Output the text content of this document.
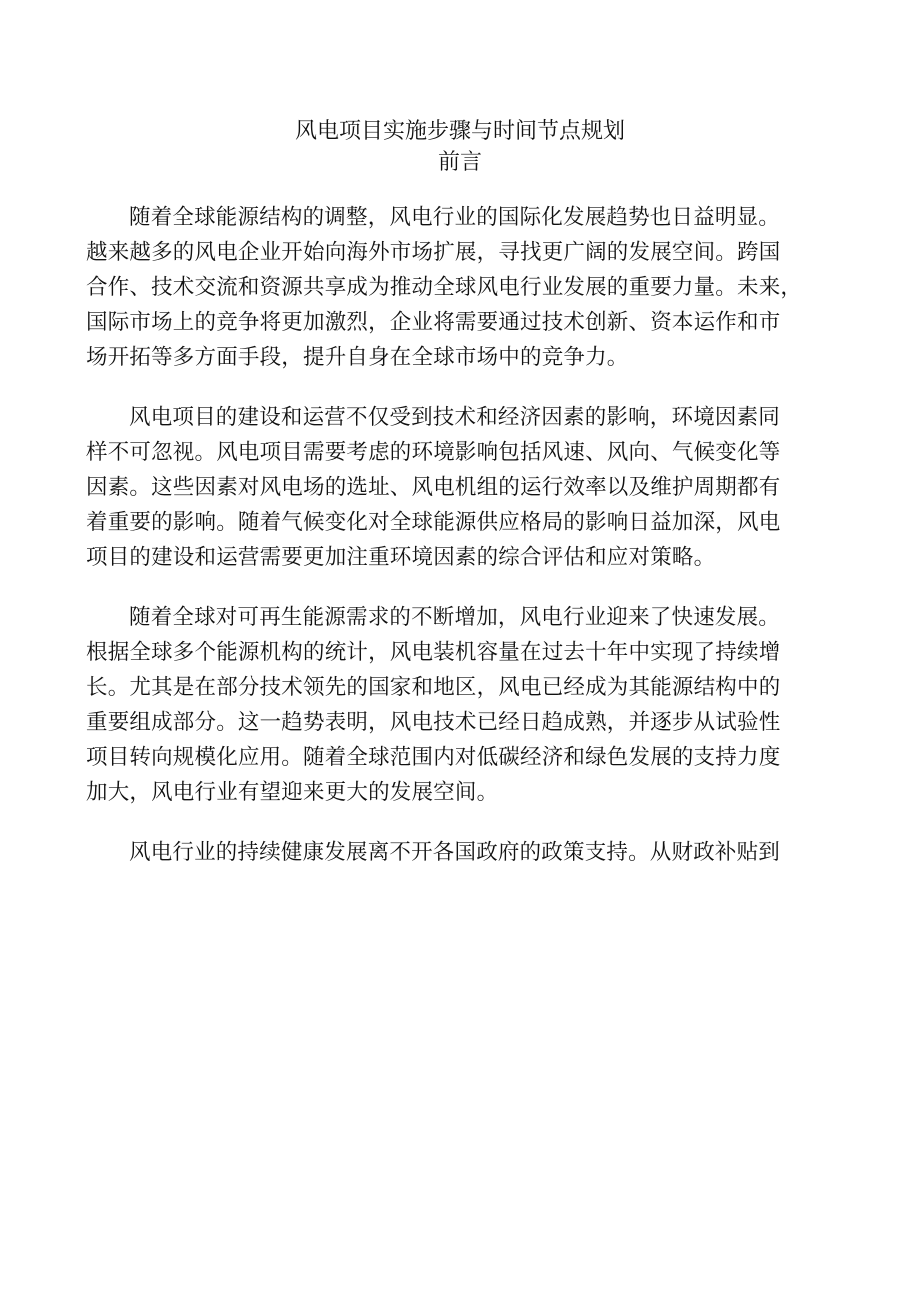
风电项目实施步骤与时间节点规划
前言

随着全球能源结构的调整，风电行业的国际化发展趋势也日益明显。
越来越多的风电企业开始向海外市场扩展，寻找更广阔的发展空间。跨国
合作、技术交流和资源共享成为推动全球风电行业发展的重要力量。未来，
国际市场上的竞争将更加激烈，企业将需要通过技术创新、资本运作和市
场开拓等多方面手段，提升自身在全球市场中的竞争力。

风电项目的建设和运营不仅受到技术和经济因素的影响，环境因素同
样不可忽视。风电项目需要考虑的环境影响包括风速、风向、气候变化等
因素。这些因素对风电场的选址、风电机组的运行效率以及维护周期都有
着重要的影响。随着气候变化对全球能源供应格局的影响日益加深，风电
项目的建设和运营需要更加注重环境因素的综合评估和应对策略。

随着全球对可再生能源需求的不断增加，风电行业迎来了快速发展。
根据全球多个能源机构的统计，风电装机容量在过去十年中实现了持续增
长。尤其是在部分技术领先的国家和地区，风电已经成为其能源结构中的
重要组成部分。这一趋势表明，风电技术已经日趋成熟，并逐步从试验性
项目转向规模化应用。随着全球范围内对低碳经济和绿色发展的支持力度
加大，风电行业有望迎来更大的发展空间。

风电行业的持续健康发展离不开各国政府的政策支持。从财政补贴到
